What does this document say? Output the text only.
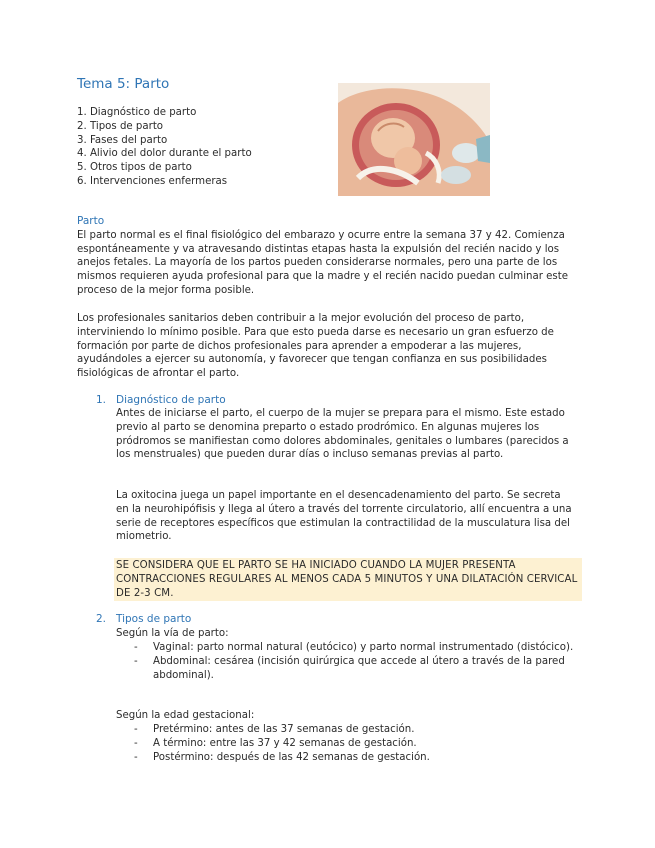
Tema 5: Parto
1. Diagnóstico de parto
2. Tipos de parto
3. Fases del parto
4. Alivio del dolor durante el parto
5. Otros tipos de parto
6. Intervenciones enfermeras
Parto

El parto normal es el final fisiológico del embarazo y ocurre entre la semana 37 y 42. Comienza espontáneamente y va atravesando distintas etapas hasta la expulsión del recién nacido y los anejos fetales. La mayoría de los partos pueden considerarse normales, pero una parte de los mismos requieren ayuda profesional para que la madre y el recién nacido puedan culminar este proceso de la mejor forma posible.

Los profesionales sanitarios deben contribuir a la mejor evolución del proceso de parto, interviniendo lo mínimo posible. Para que esto pueda darse es necesario un gran esfuerzo de formación por parte de dichos profesionales para aprender a empoderar a las mujeres, ayudándoles a ejercer su autonomía, y favorecer que tengan confianza en sus posibilidades fisiológicas de afrontar el parto.

1. Diagnóstico de parto

Antes de iniciarse el parto, el cuerpo de la mujer se prepara para el mismo. Este estado previo al parto se denomina preparto o estado prodrómico. En algunas mujeres los pródromos se manifiestan como dolores abdominales, genitales o lumbares (parecidos a los menstruales) que pueden durar días o incluso semanas previas al parto.

La oxitocina juega un papel importante en el desencadenamiento del parto. Se secreta en la neurohipófisis y llega al útero a través del torrente circulatorio, allí encuentra a una serie de receptores específicos que estimulan la contractilidad de la musculatura lisa del miometrio.

SE CONSIDERA QUE EL PARTO SE HA INICIADO CUANDO LA MUJER PRESENTA CONTRACCIONES REGULARES AL MENOS CADA 5 MINUTOS Y UNA DILATACIÓN CERVICAL DE 2-3 CM.
2. Tipos de parto
Según la vía de parto:
- Vaginal: parto normal natural (eutócico) y parto normal instrumentado (distócico).
- Abdominal: cesárea (incisión quirúrgica que accede al útero a través de la pared abdominal).
Según la edad gestacional:
- Pretérmino: antes de las 37 semanas de gestación.
- A término: entre las 37 y 42 semanas de gestación.
- Postérmino: después de las 42 semanas de gestación.
